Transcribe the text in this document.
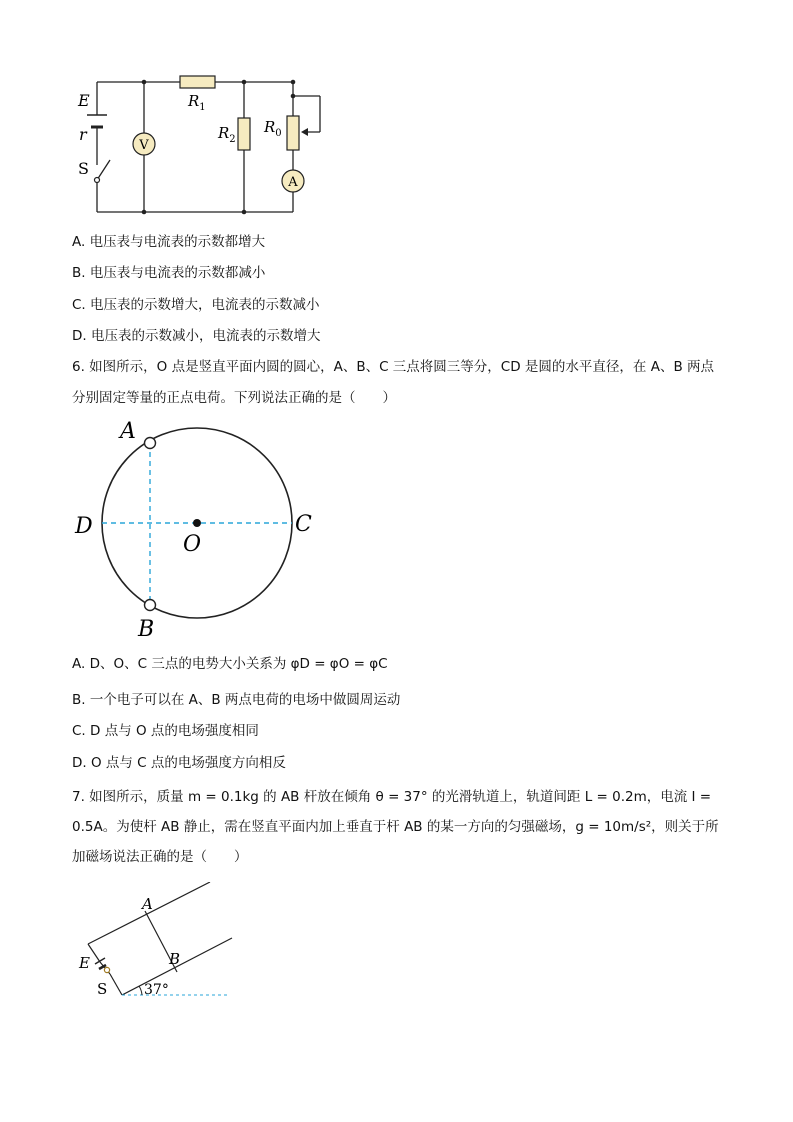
E
r
S
V
A
$R_1$
$R_2$
$R_0$
A. 电压表与电流表的示数都增大
B. 电压表与电流表的示数都减小
C. 电压表的示数增大，电流表的示数减小
D. 电压表的示数减小，电流表的示数增大
6. 如图所示，O 点是竖直平面内圆的圆心，A、B、C 三点将圆三等分，CD 是圆的水平直径，在 A、B 两点
分别固定等量的正点电荷。下列说法正确的是（　　）
A
B
C
D
O
A. D、O、C 三点的电势大小关系为 φD = φO = φC
B. 一个电子可以在 A、B 两点电荷的电场中做圆周运动
C. D 点与 O 点的电场强度相同
D. O 点与 C 点的电场强度方向相反
7. 如图所示，质量 m = 0.1kg 的 AB 杆放在倾角 θ = 37° 的光滑轨道上，轨道间距 L = 0.2m，电流 I = 0.5A。为使杆 AB 静止，需在竖直平面内加上垂直于杆 AB 的某一方向的匀强磁场，g = 10m/s²，则关于所加磁场说法正确的是（　　）
A
B
E
S	37°
